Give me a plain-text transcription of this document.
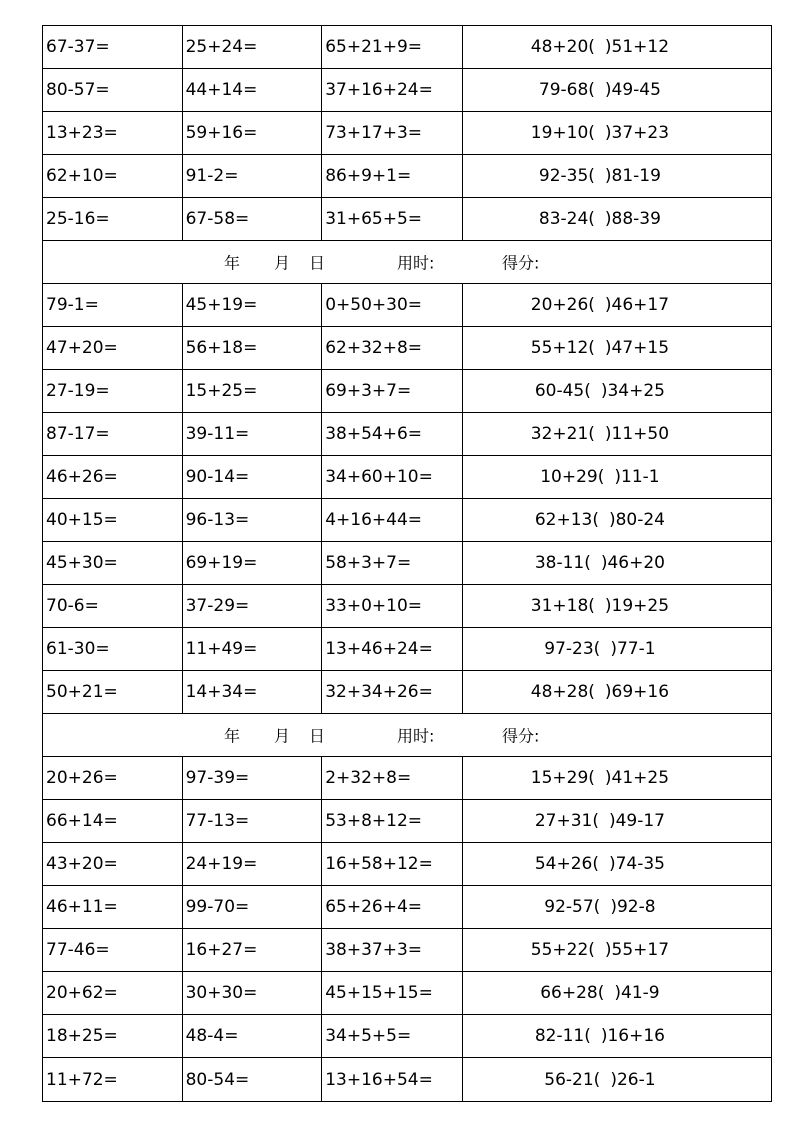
67-37=	25+24=	65+21+9=	48+20( )51+12
80-57=	44+14=	37+16+24=	79-68( )49-45
13+23=	59+16=	73+17+3=	19+10( )37+23
62+10=	91-2=	86+9+1=	92-35( )81-19
25-16=	67-58=	31+65+5=	83-24( )88-39
年 月 日	用时:	得分:
79-1=	45+19=	0+50+30=	20+26( )46+17
47+20=	56+18=	62+32+8=	55+12( )47+15
27-19=	15+25=	69+3+7=	60-45( )34+25
87-17=	39-11=	38+54+6=	32+21( )11+50
46+26=	90-14=	34+60+10=	10+29( )11-1
40+15=	96-13=	4+16+44=	62+13( )80-24
45+30=	69+19=	58+3+7=	38-11( )46+20
70-6=	37-29=	33+0+10=	31+18( )19+25
61-30=	11+49=	13+46+24=	97-23( )77-1
50+21=	14+34=	32+34+26=	48+28( )69+16
年 月 日	用时:	得分:
20+26=	97-39=	2+32+8=	15+29( )41+25
66+14=	77-13=	53+8+12=	27+31( )49-17
43+20=	24+19=	16+58+12=	54+26( )74-35
46+11=	99-70=	65+26+4=	92-57( )92-8
77-46=	16+27=	38+37+3=	55+22( )55+17
20+62=	30+30=	45+15+15=	66+28( )41-9
18+25=	48-4=	34+5+5=	82-11( )16+16
11+72=	80-54=	13+16+54=	56-21( )26-1
